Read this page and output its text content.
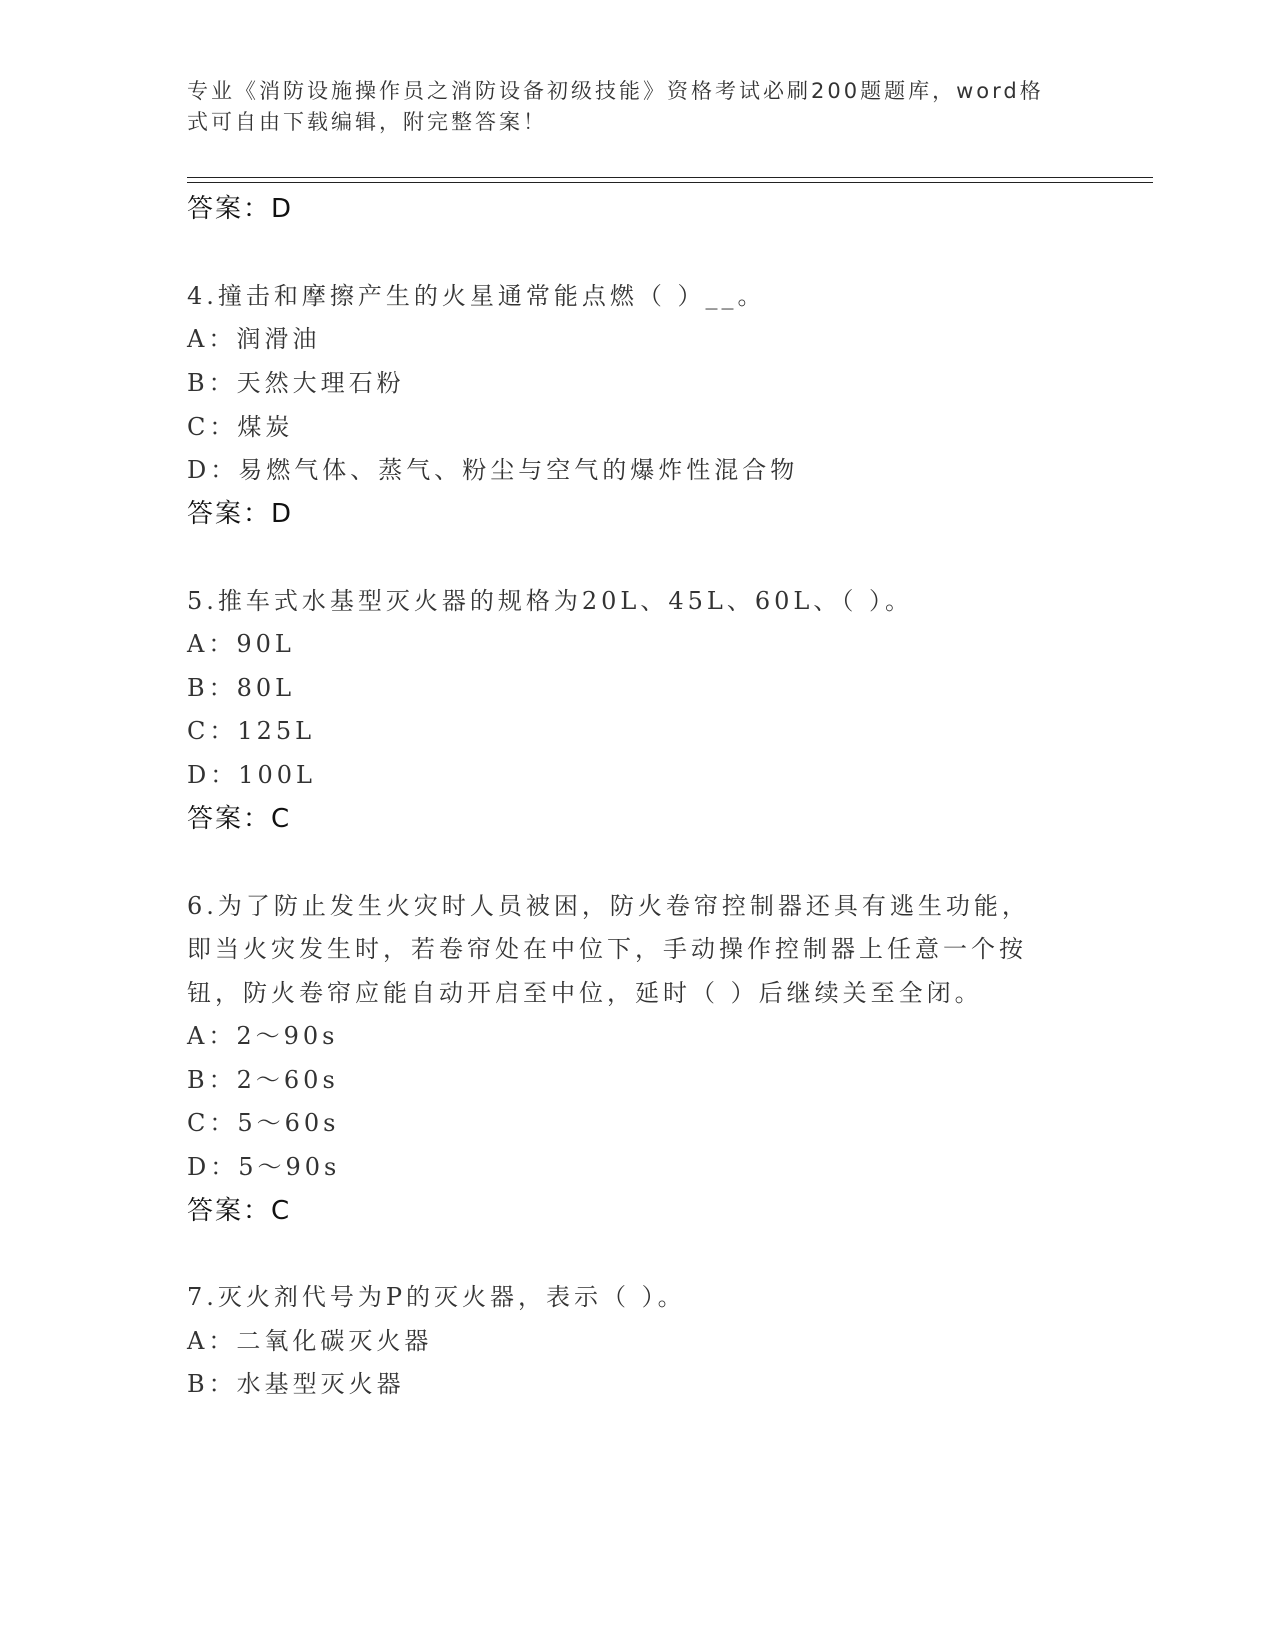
专业《消防设施操作员之消防设备初级技能》资格考试必刷200题题库，word格
式可自由下载编辑，附完整答案！
答案：D
4.撞击和摩擦产生的火星通常能点燃（ ）__。
A：润滑油
B：天然大理石粉
C：煤炭
D：易燃气体、蒸气、粉尘与空气的爆炸性混合物
答案：D
5.推车式水基型灭火器的规格为20L、45L、60L、（ ）。
A：90L
B：80L
C：125L
D：100L
答案：C
6.为了防止发生火灾时人员被困，防火卷帘控制器还具有逃生功能，
即当火灾发生时，若卷帘处在中位下，手动操作控制器上任意一个按
钮，防火卷帘应能自动开启至中位，延时（ ）后继续关至全闭。
A：2～90s
B：2～60s
C：5～60s
D：5～90s
答案：C
7.灭火剂代号为P的灭火器，表示（ ）。
A：二氧化碳灭火器
B：水基型灭火器
